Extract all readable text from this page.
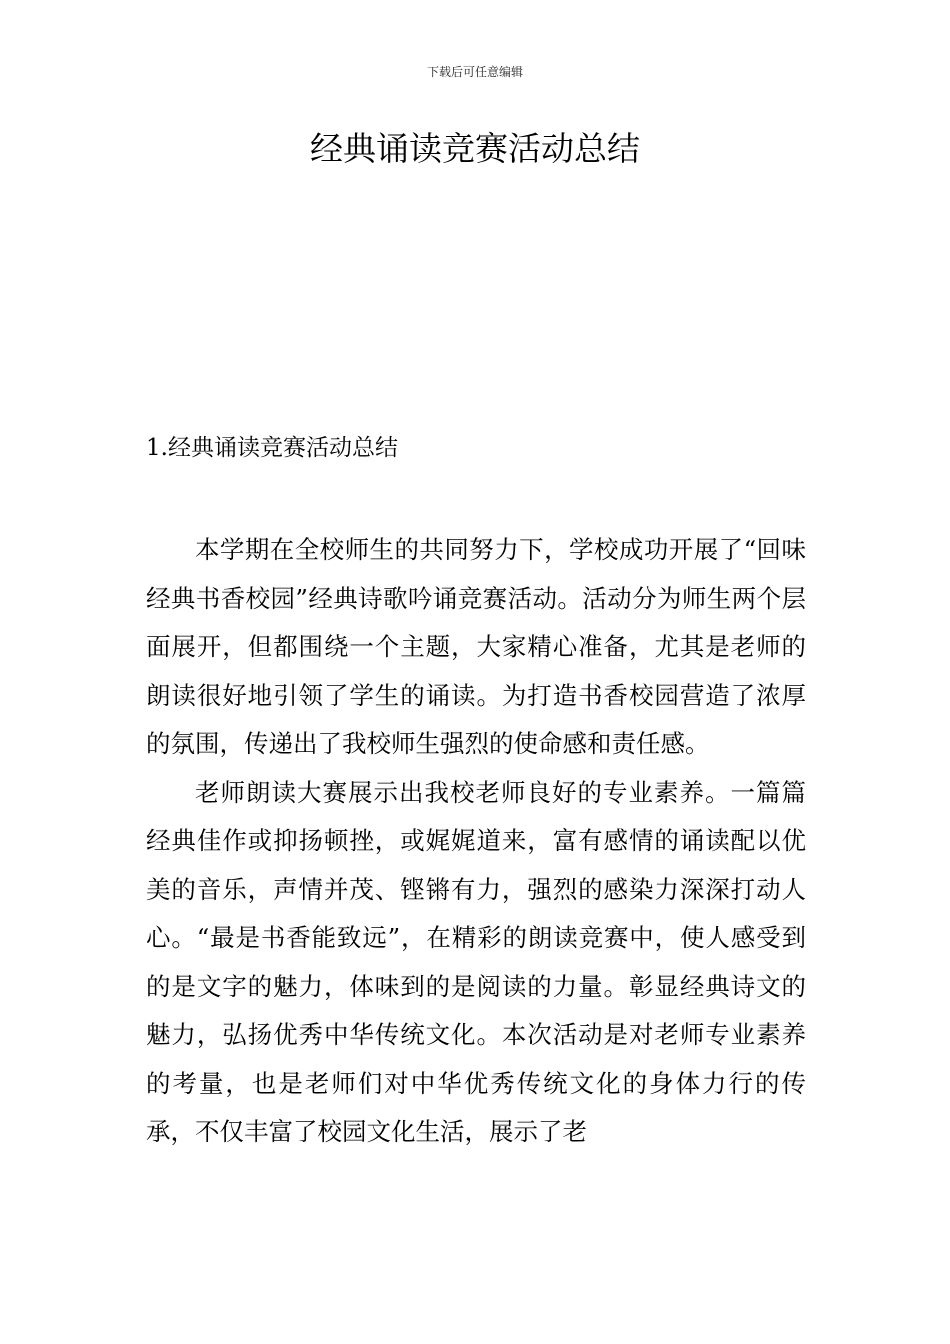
下载后可任意编辑
经典诵读竞赛活动总结
1.经典诵读竞赛活动总结

本学期在全校师生的共同努力下，学校成功开展了“回味经典书香校园”经典诗歌吟诵竞赛活动。活动分为师生两个层面展开，但都围绕一个主题，大家精心准备，尤其是老师的朗读很好地引领了学生的诵读。为打造书香校园营造了浓厚的氛围，传递出了我校师生强烈的使命感和责任感。

老师朗读大赛展示出我校老师良好的专业素养。一篇篇经典佳作或抑扬顿挫，或娓娓道来，富有感情的诵读配以优美的音乐，声情并茂、铿锵有力，强烈的感染力深深打动人心。“最是书香能致远”，在精彩的朗读竞赛中，使人感受到的是文字的魅力，体味到的是阅读的力量。彰显经典诗文的魅力，弘扬优秀中华传统文化。本次活动是对老师专业素养的考量，也是老师们对中华优秀传统文化的身体力行的传承，不仅丰富了校园文化生活，展示了老
